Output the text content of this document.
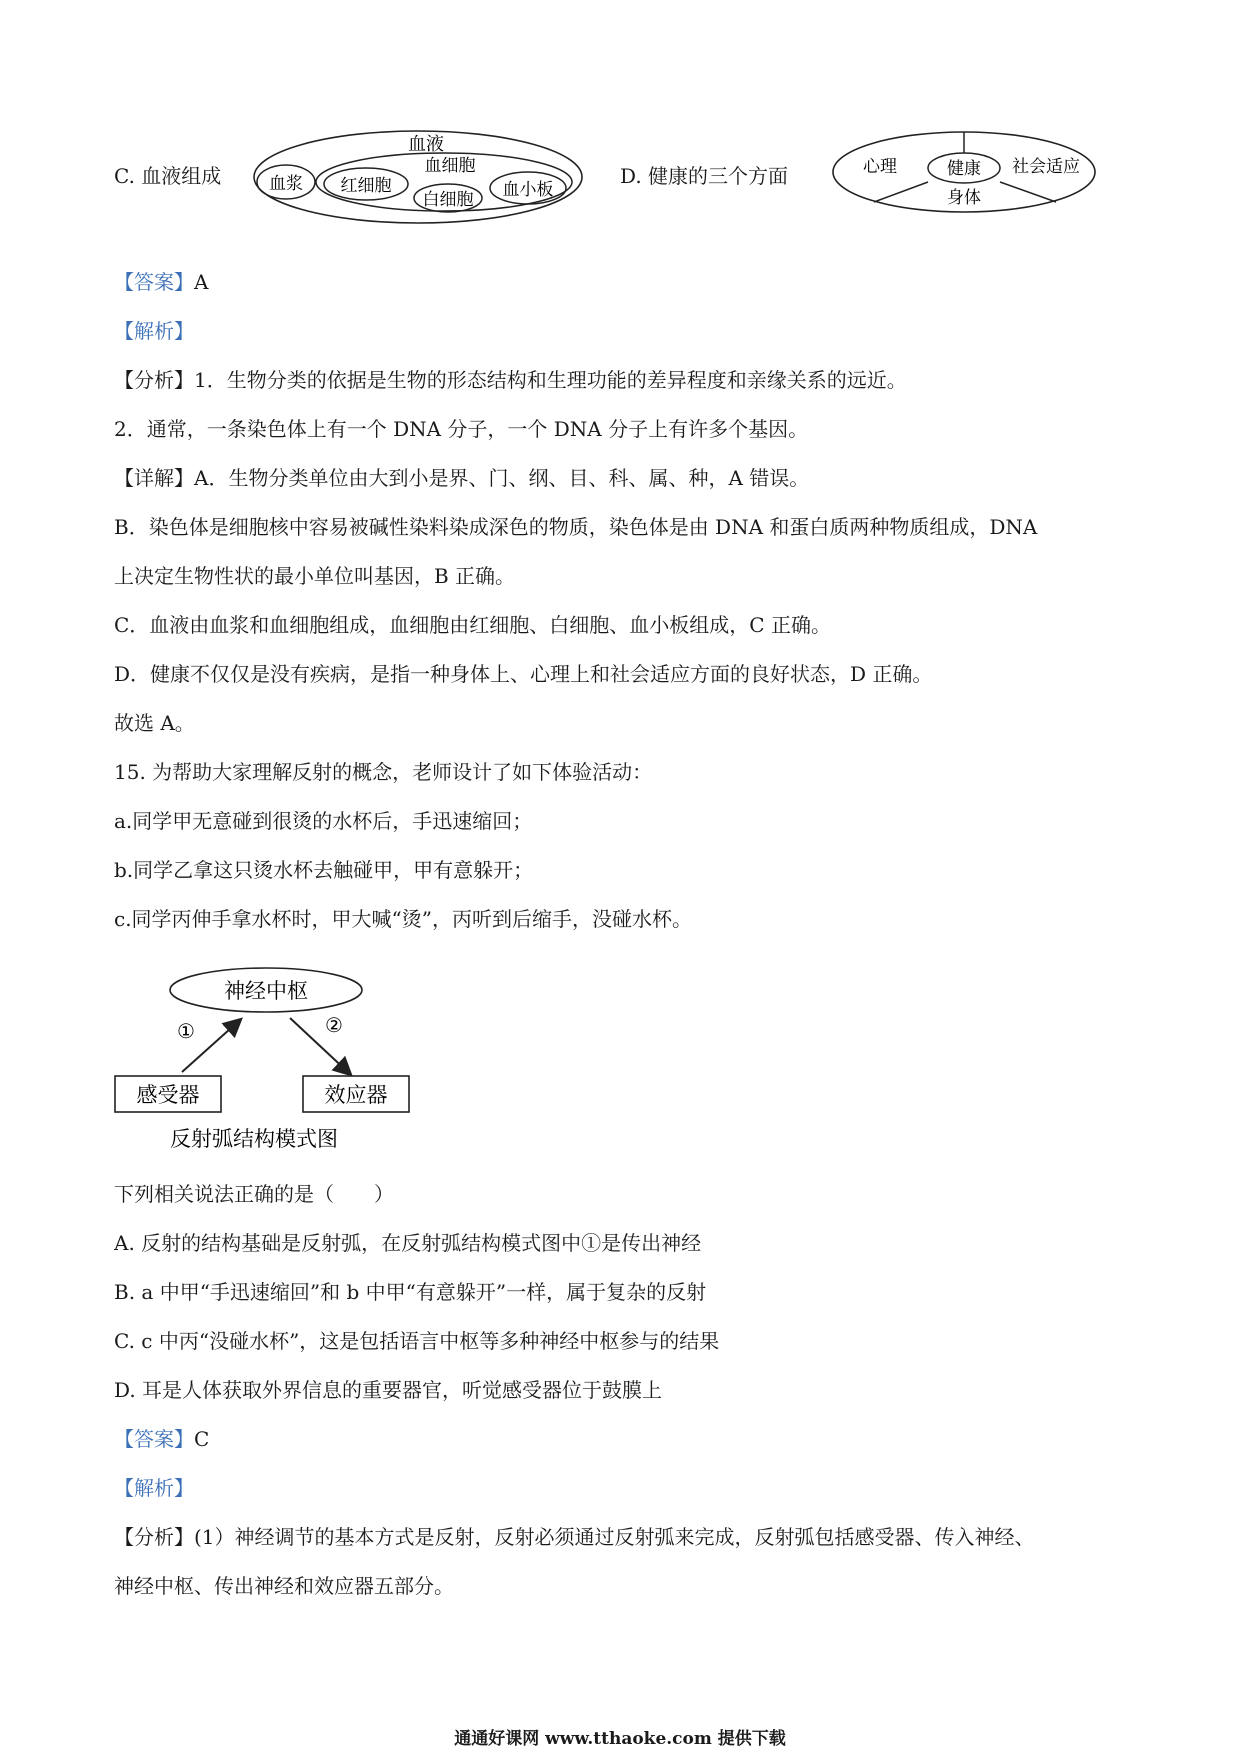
C. 血液组成
血液
血浆
血细胞
红细胞
白细胞 血小板
D. 健康的三个方面	健康
心理	社会适应
身体
【答案】A
【解析】
【分析】1．生物分类的依据是生物的形态结构和生理功能的差异程度和亲缘关系的远近。
2．通常，一条染色体上有一个 DNA 分子，一个 DNA 分子上有许多个基因。
【详解】A．生物分类单位由大到小是界、门、纲、目、科、属、种，A 错误。
B．染色体是细胞核中容易被碱性染料染成深色的物质，染色体是由 DNA 和蛋白质两种物质组成，DNA
上决定生物性状的最小单位叫基因，B 正确。
C．血液由血浆和血细胞组成，血细胞由红细胞、白细胞、血小板组成，C 正确。
D．健康不仅仅是没有疾病，是指一种身体上、心理上和社会适应方面的良好状态，D 正确。
故选 A。
15. 为帮助大家理解反射的概念，老师设计了如下体验活动：
a.同学甲无意碰到很烫的水杯后，手迅速缩回；
b.同学乙拿这只烫水杯去触碰甲，甲有意躲开；
c.同学丙伸手拿水杯时，甲大喊“烫”，丙听到后缩手，没碰水杯。
神经中枢
①	②
感受器	效应器
反射弧结构模式图
下列相关说法正确的是（　　）
A. 反射的结构基础是反射弧，在反射弧结构模式图中①是传出神经
B. a 中甲“手迅速缩回”和 b 中甲“有意躲开”一样，属于复杂的反射
C. c 中丙“没碰水杯”，这是包括语言中枢等多种神经中枢参与的结果
D. 耳是人体获取外界信息的重要器官，听觉感受器位于鼓膜上
【答案】C
【解析】
【分析】(1）神经调节的基本方式是反射，反射必须通过反射弧来完成，反射弧包括感受器、传入神经、
神经中枢、传出神经和效应器五部分。
通通好课网 www.tthaoke.com 提供下载
